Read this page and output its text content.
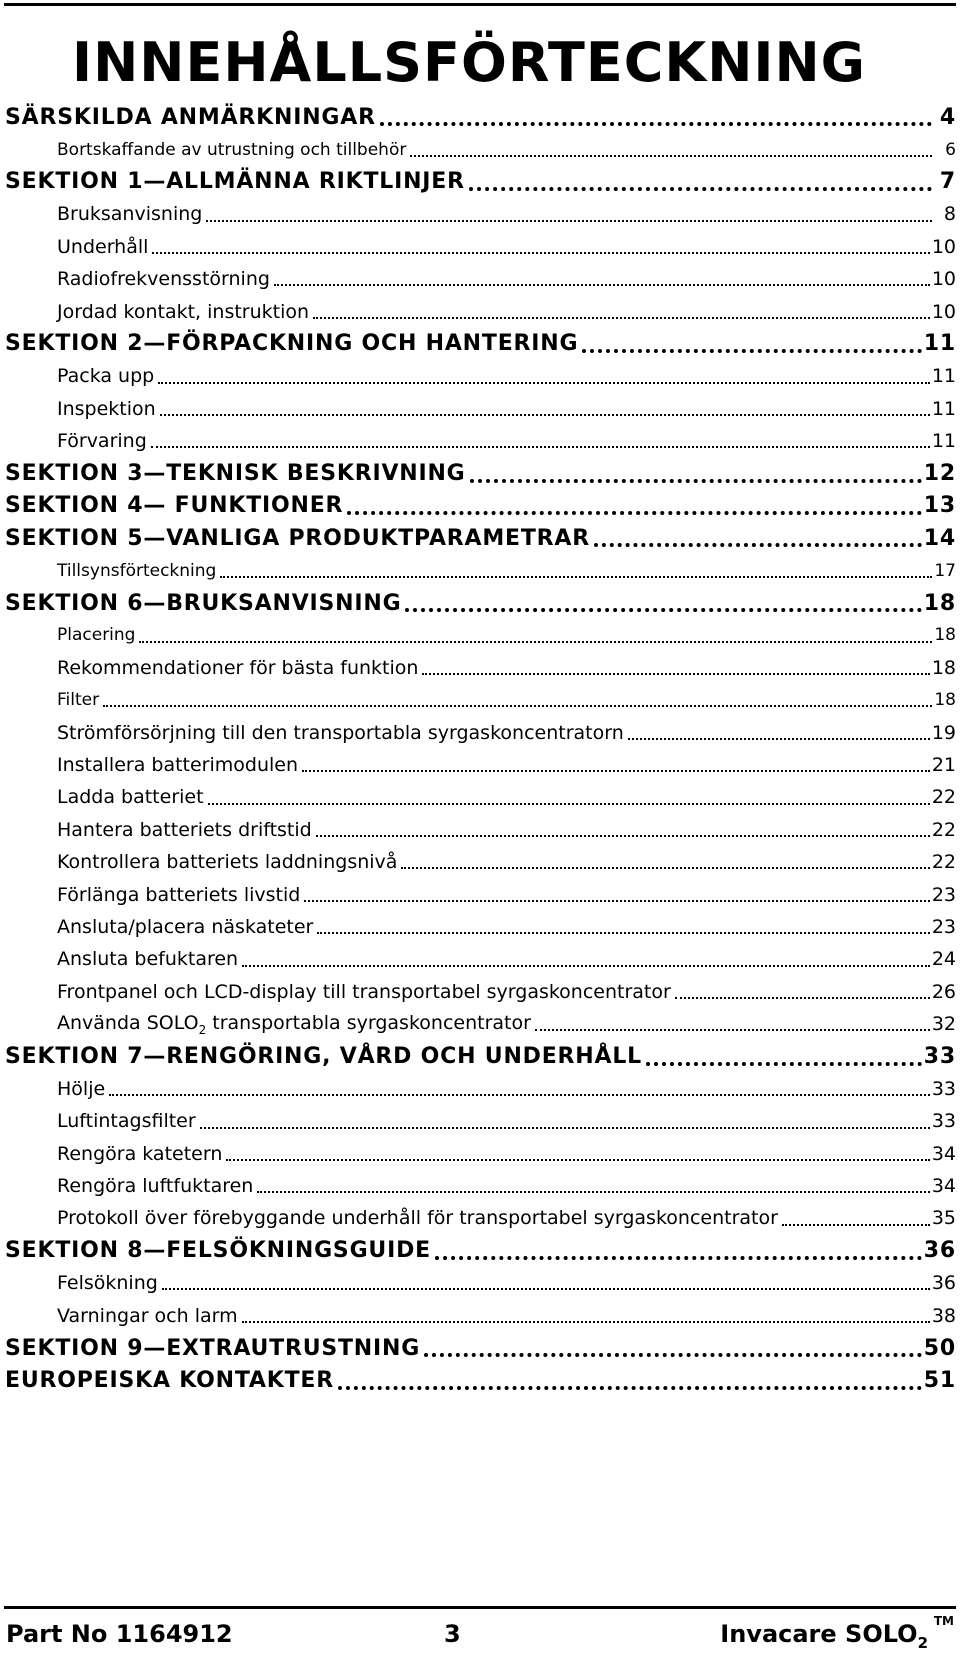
INNEHÅLLSFÖRTECKNING
SÄRSKILDA ANMÄRKNINGAR	4
Bortskaffande av utrustning och tillbehör	6
SEKTION 1—ALLMÄNNA RIKTLINJER	7
Bruksanvisning	8
Underhåll	10
Radiofrekvensstörning	10
Jordad kontakt, instruktion	10
SEKTION 2—FÖRPACKNING OCH HANTERING	11
Packa upp	11
Inspektion	11
Förvaring	11
SEKTION 3—TEKNISK BESKRIVNING	12
SEKTION 4— FUNKTIONER	13
SEKTION 5—VANLIGA PRODUKTPARAMETRAR	14
Tillsynsförteckning	17
SEKTION 6—BRUKSANVISNING	18
Placering	18
Rekommendationer för bästa funktion	18
Filter	18
Strömförsörjning till den transportabla syrgaskoncentratorn	19
Installera batterimodulen	21
Ladda batteriet	22
Hantera batteriets driftstid	22
Kontrollera batteriets laddningsnivå	22
Förlänga batteriets livstid	23
Ansluta/placera näskateter	23
Ansluta befuktaren	24
Frontpanel och LCD-display till transportabel syrgaskoncentrator	26
Använda $SOLO_2$ transportabla syrgaskoncentrator	32
SEKTION 7—RENGÖRING, VÅRD OCH UNDERHÅLL	33
Hölje	33
Luftintagsfilter	33
Rengöra katetern	34
Rengöra luftfuktaren	34
Protokoll över förebyggande underhåll för transportabel syrgaskoncentrator	35
SEKTION 8—FELSÖKNINGSGUIDE	36
Felsökning	36
Varningar och larm	38
SEKTION 9—EXTRAUTRUSTNING	50
EUROPEISKA KONTAKTER	51
Part No 1164912	3	Invacare $SOLO_2$
TM
